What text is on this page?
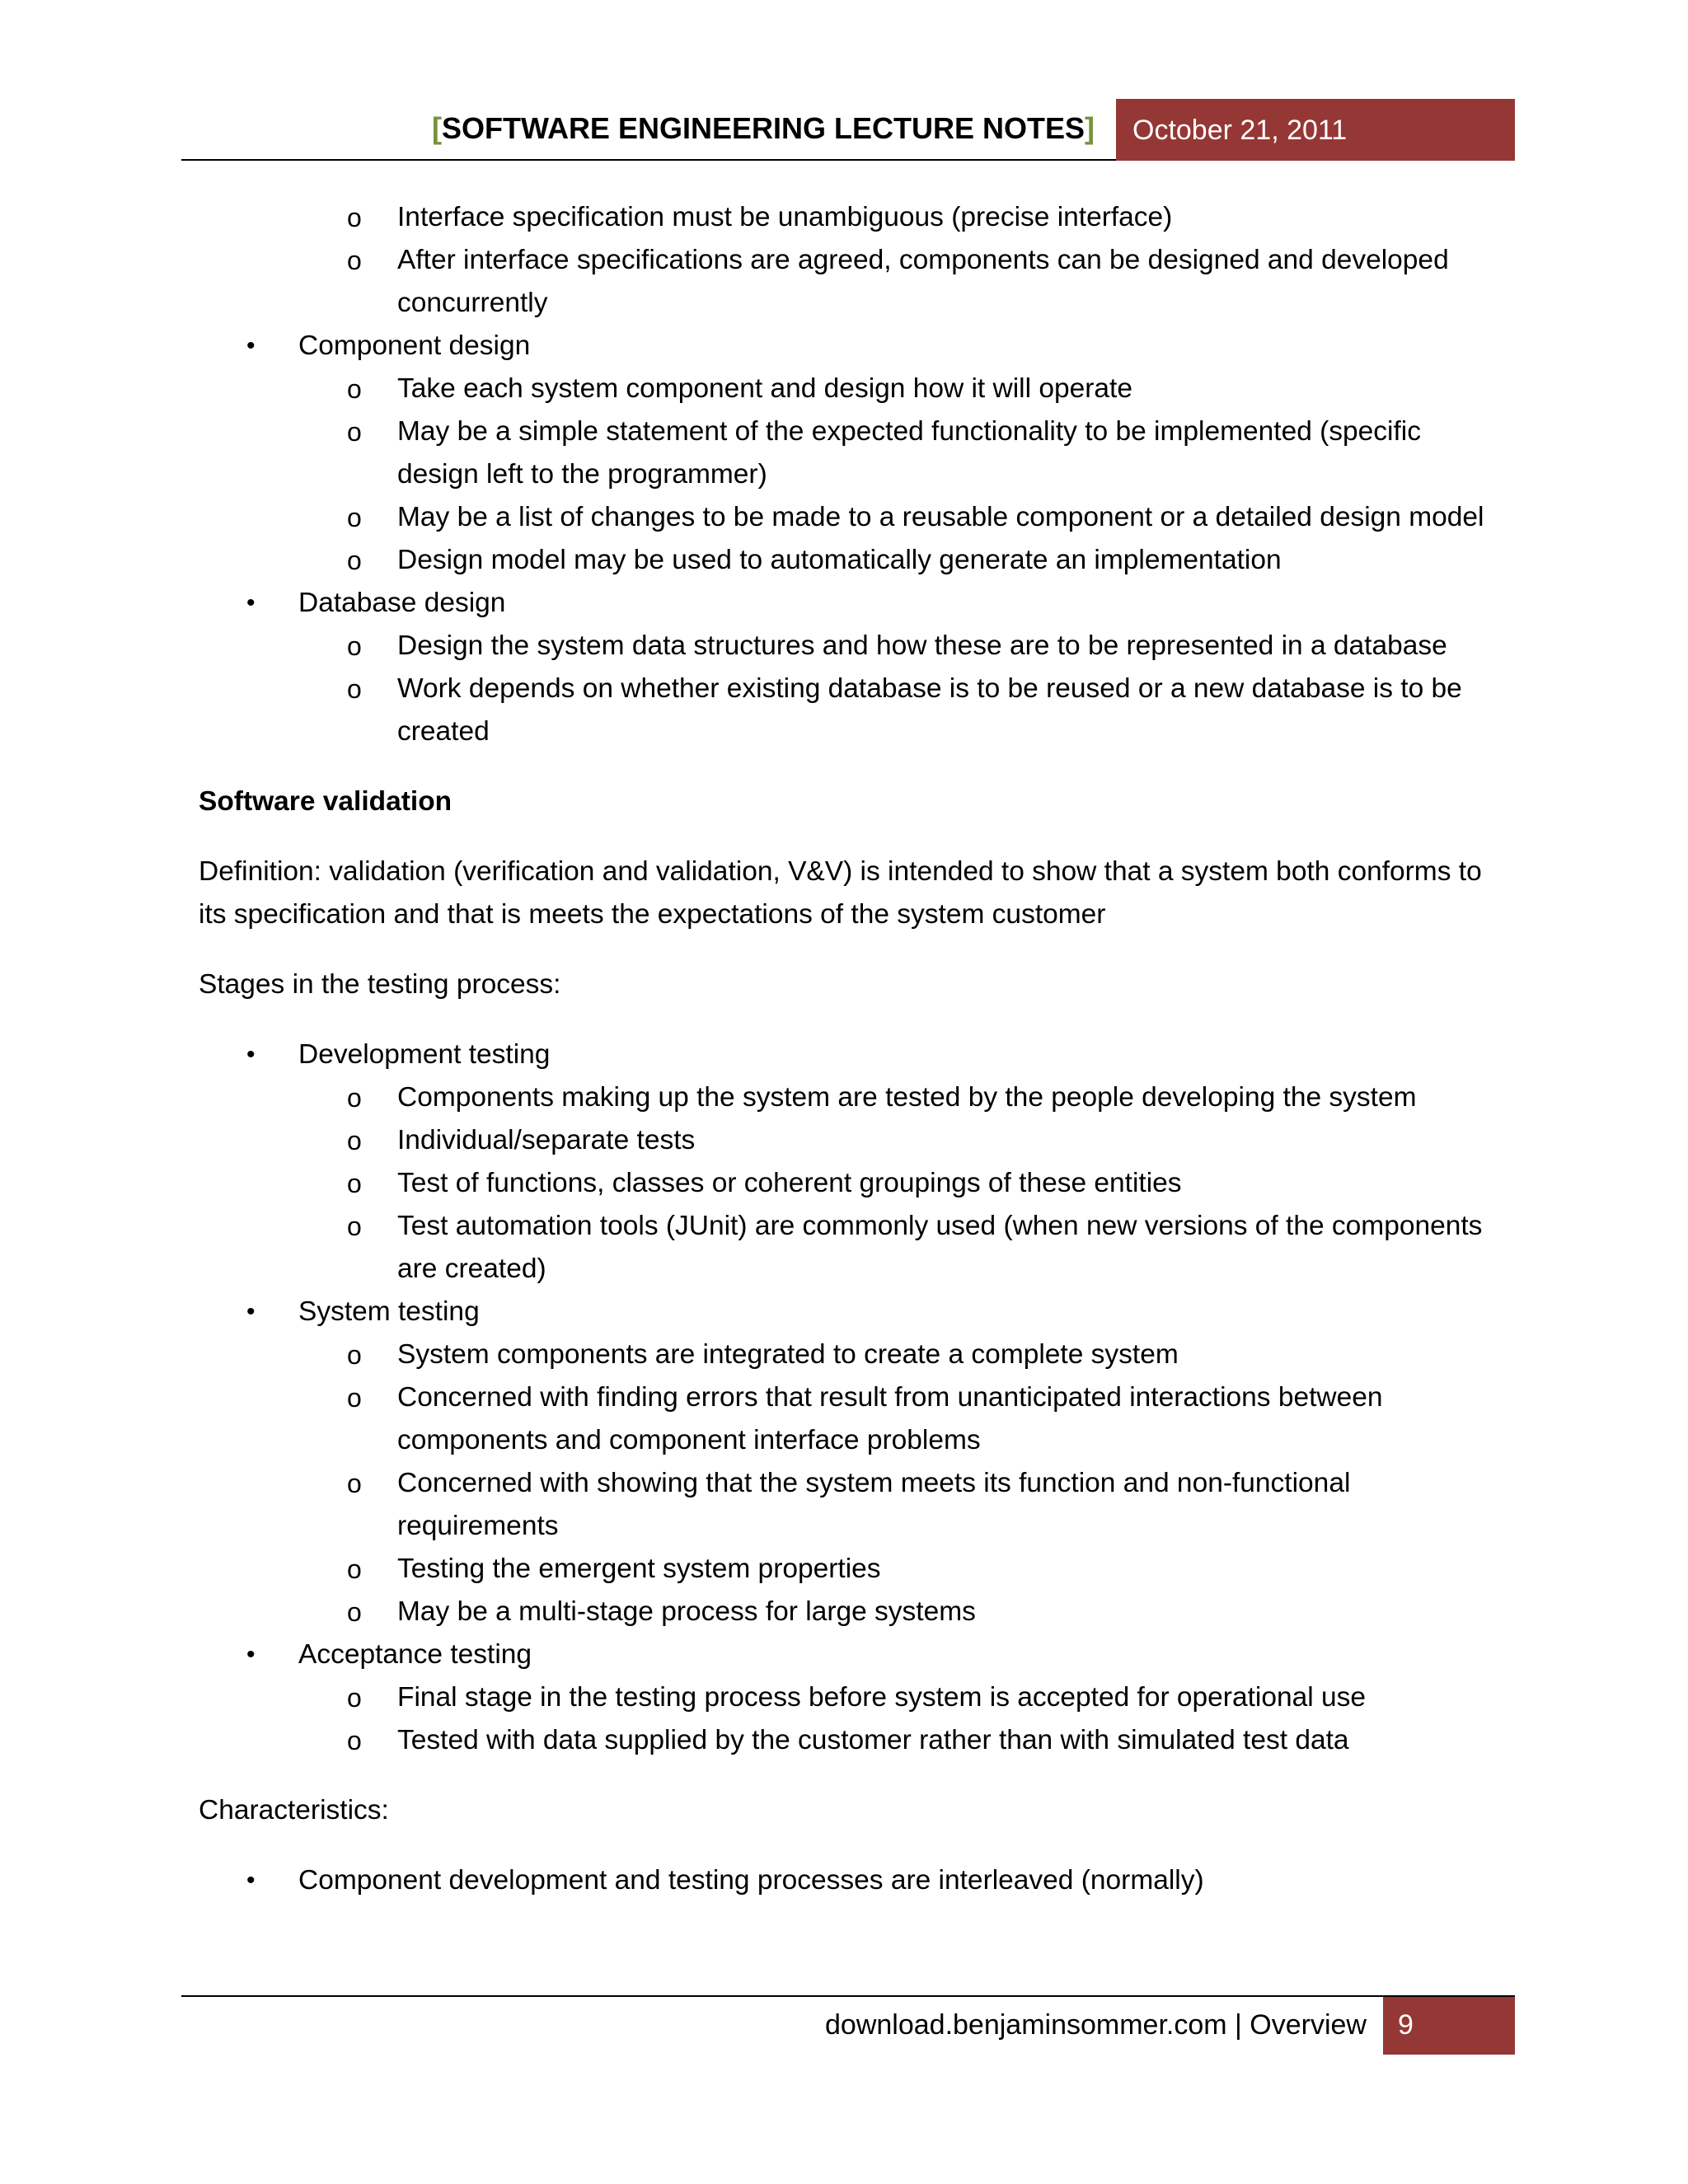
[SOFTWARE ENGINEERING LECTURE NOTES]	October 21, 2011

o Interface specification must be unambiguous (precise interface)

o After interface specifications are agreed, components can be designed and developed concurrently

• Component design

o Take each system component and design how it will operate

o May be a simple statement of the expected functionality to be implemented (specific design left to the programmer)

o May be a list of changes to be made to a reusable component or a detailed design model

o Design model may be used to automatically generate an implementation

• Database design

o Design the system data structures and how these are to be represented in a database

o Work depends on whether existing database is to be reused or a new database is to be created

Software validation

Definition: validation (verification and validation, V&V) is intended to show that a system both conforms to its specification and that is meets the expectations of the system customer

Stages in the testing process:

• Development testing

o Components making up the system are tested by the people developing the system

o Individual/separate tests

o Test of functions, classes or coherent groupings of these entities

o Test automation tools (JUnit) are commonly used (when new versions of the components are created)

• System testing

o System components are integrated to create a complete system

o Concerned with finding errors that result from unanticipated interactions between components and component interface problems

o Concerned with showing that the system meets its function and non-functional requirements

o Testing the emergent system properties

o May be a multi-stage process for large systems

• Acceptance testing

o Final stage in the testing process before system is accepted for operational use

o Tested with data supplied by the customer rather than with simulated test data

Characteristics:

• Component development and testing processes are interleaved (normally)

download.benjaminsommer.com | Overview	9
